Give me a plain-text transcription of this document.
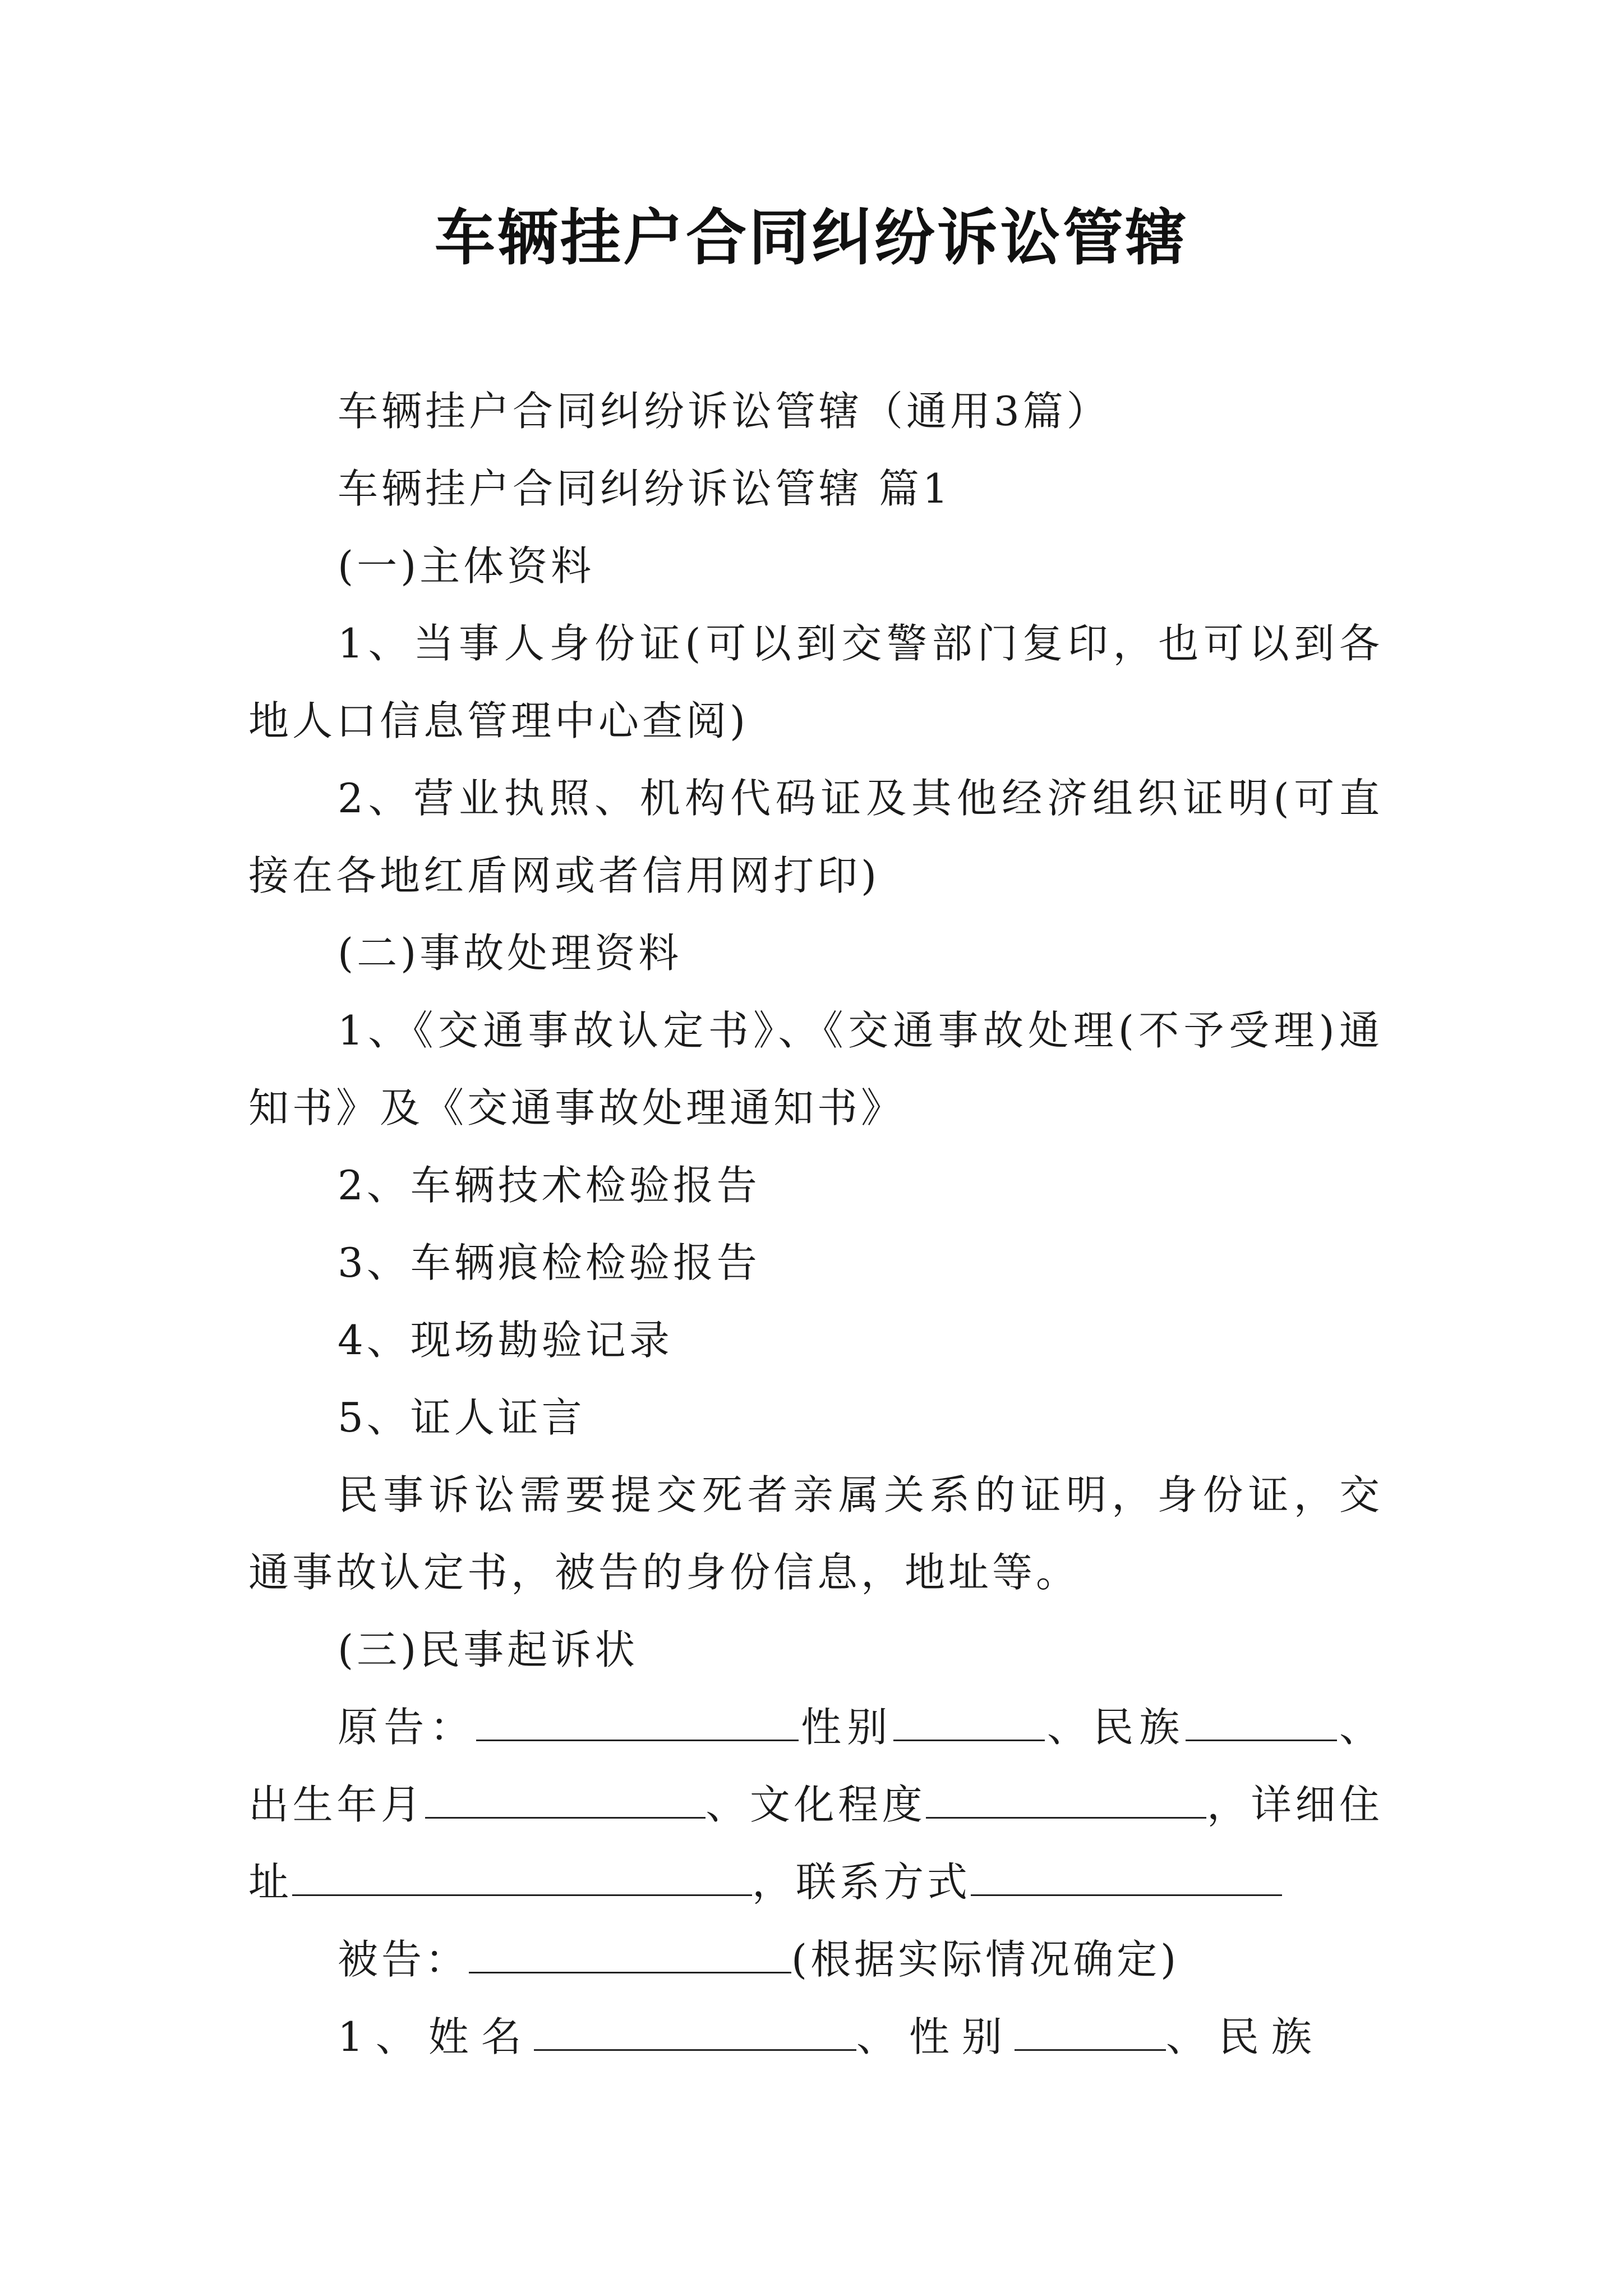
车辆挂户合同纠纷诉讼管辖

车辆挂户合同纠纷诉讼管辖（通用3篇）

车辆挂户合同纠纷诉讼管辖 篇1

(一)主体资料

1、当事人身份证(可以到交警部门复印，也可以到各地人口信息管理中心查阅)

2、营业执照、机构代码证及其他经济组织证明(可直接在各地红盾网或者信用网打印)

(二)事故处理资料

1、《交通事故认定书》、《交通事故处理(不予受理)通知书》及《交通事故处理通知书》

2、车辆技术检验报告

3、车辆痕检检验报告

4、现场勘验记录

5、证人证言

民事诉讼需要提交死者亲属关系的证明，身份证，交通事故认定书，被告的身份信息，地址等。

(三)民事起诉状

原告：	性别	、民族	、出生年月	、文化程度	，详细住址	，联系方式

被告：	(根据实际情况确定)

1、姓名	、性别	、民族
